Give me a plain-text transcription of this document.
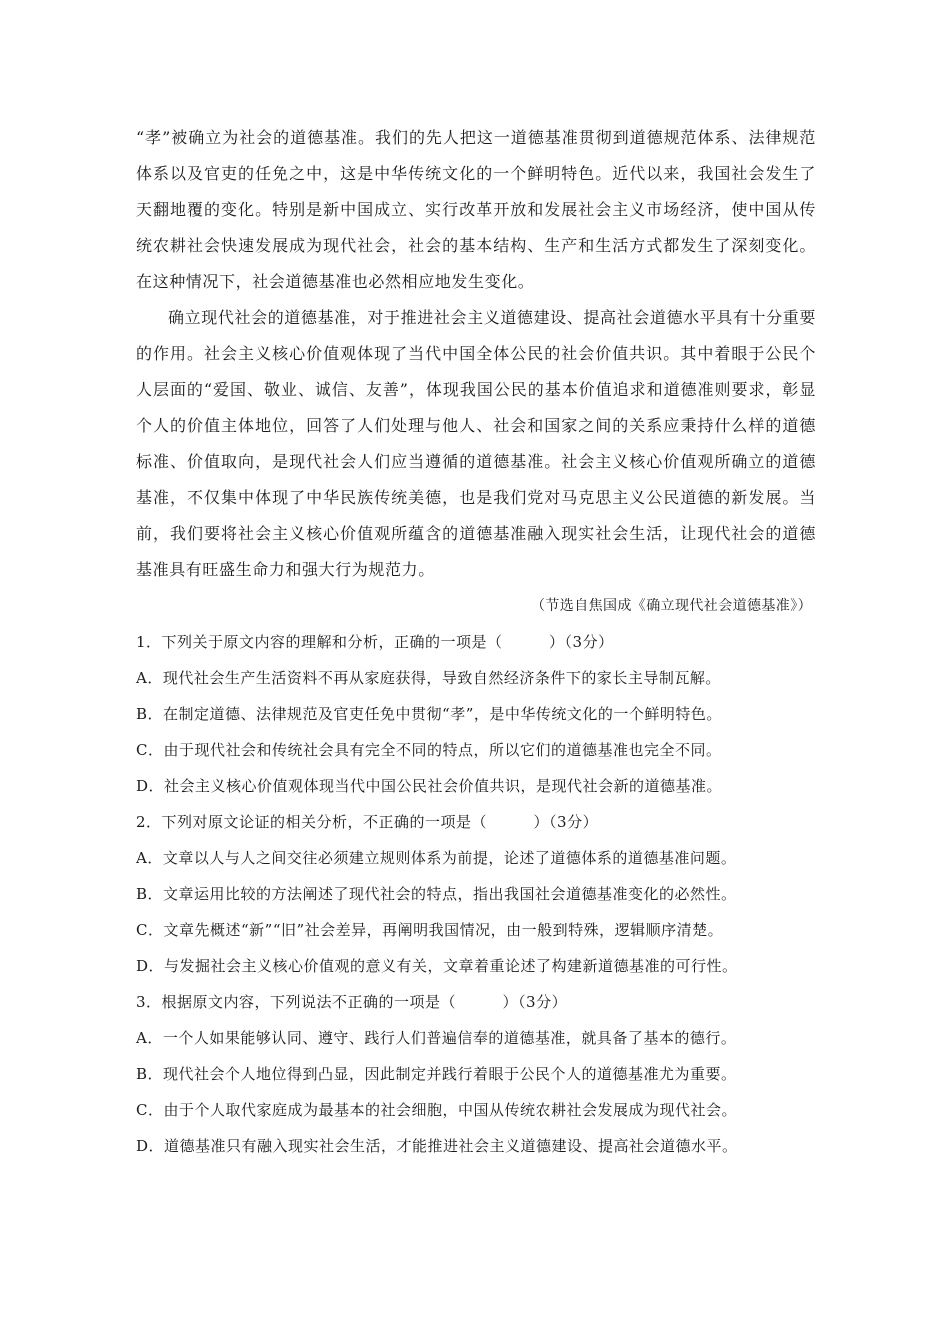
“孝”被确立为社会的道德基准。我们的先人把这一道德基准贯彻到道德规范体系、法律规范体系以及官吏的任免之中，这是中华传统文化的一个鲜明特色。近代以来，我国社会发生了天翻地覆的变化。特别是新中国成立、实行改革开放和发展社会主义市场经济，使中国从传统农耕社会快速发展成为现代社会，社会的基本结构、生产和生活方式都发生了深刻变化。在这种情况下，社会道德基准也必然相应地发生变化。

确立现代社会的道德基准，对于推进社会主义道德建设、提高社会道德水平具有十分重要的作用。社会主义核心价值观体现了当代中国全体公民的社会价值共识。其中着眼于公民个人层面的“爱国、敬业、诚信、友善”，体现我国公民的基本价值追求和道德准则要求，彰显个人的价值主体地位，回答了人们处理与他人、社会和国家之间的关系应秉持什么样的道德标准、价值取向，是现代社会人们应当遵循的道德基准。社会主义核心价值观所确立的道德基准，不仅集中体现了中华民族传统美德，也是我们党对马克思主义公民道德的新发展。当前，我们要将社会主义核心价值观所蕴含的道德基准融入现实社会生活，让现代社会的道德基准具有旺盛生命力和强大行为规范力。

（节选自焦国成《确立现代社会道德基准》）

1．下列关于原文内容的理解和分析，正确的一项是（　　　）（3分）

A．现代社会生产生活资料不再从家庭获得，导致自然经济条件下的家长主导制瓦解。

B．在制定道德、法律规范及官吏任免中贯彻“孝”，是中华传统文化的一个鲜明特色。

C．由于现代社会和传统社会具有完全不同的特点，所以它们的道德基准也完全不同。

D．社会主义核心价值观体现当代中国公民社会价值共识，是现代社会新的道德基准。

2．下列对原文论证的相关分析，不正确的一项是（　　　）（3分）

A．文章以人与人之间交往必须建立规则体系为前提，论述了道德体系的道德基准问题。

B．文章运用比较的方法阐述了现代社会的特点，指出我国社会道德基准变化的必然性。

C．文章先概述“新”“旧”社会差异，再阐明我国情况，由一般到特殊，逻辑顺序清楚。

D．与发掘社会主义核心价值观的意义有关，文章着重论述了构建新道德基准的可行性。

3．根据原文内容，下列说法不正确的一项是（　　　）（3分）

A．一个人如果能够认同、遵守、践行人们普遍信奉的道德基准，就具备了基本的德行。

B．现代社会个人地位得到凸显，因此制定并践行着眼于公民个人的道德基准尤为重要。

C．由于个人取代家庭成为最基本的社会细胞，中国从传统农耕社会发展成为现代社会。

D．道德基准只有融入现实社会生活，才能推进社会主义道德建设、提高社会道德水平。
